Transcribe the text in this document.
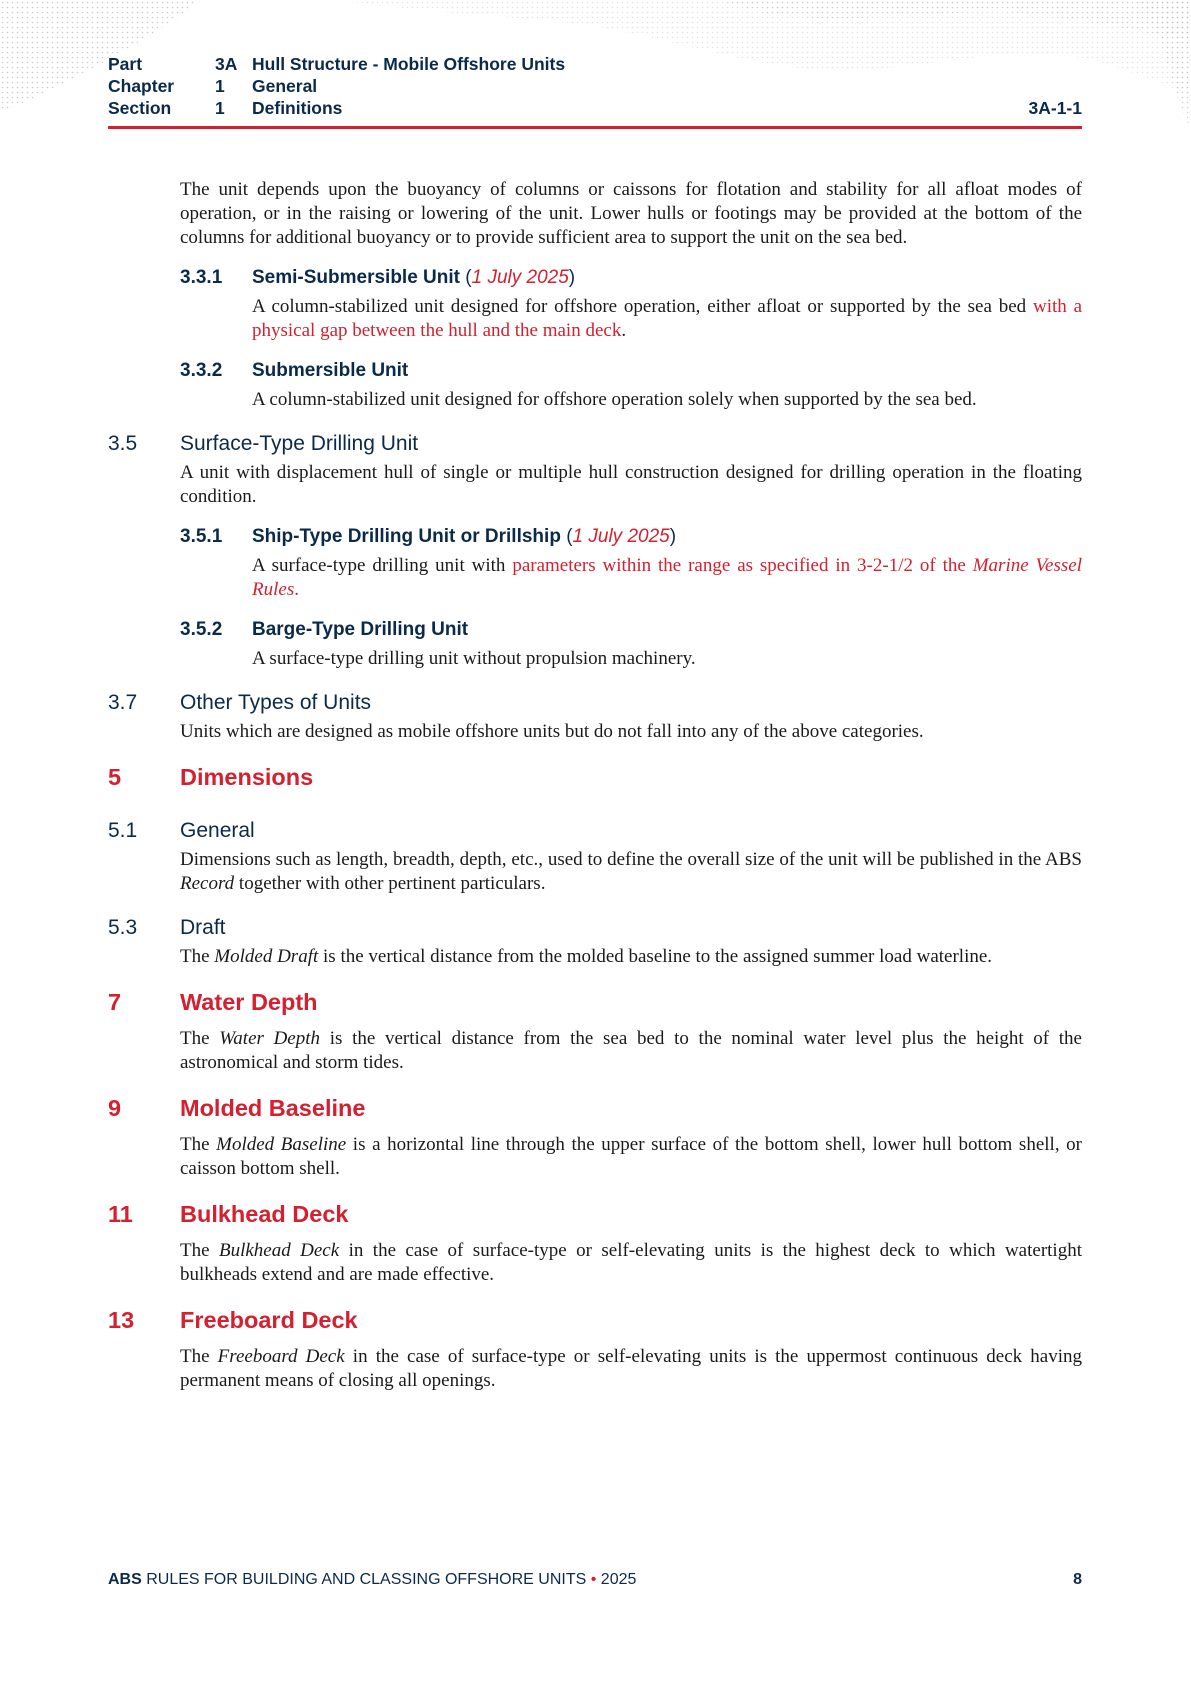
Part	3A Hull Structure - Mobile Offshore Units
Chapter 1 General
Section	1 Definitions	3A-1-1

The unit depends upon the buoyancy of columns or caissons for flotation and stability for all afloat modes of operation, or in the raising or lowering of the unit. Lower hulls or footings may be provided at the bottom of the columns for additional buoyancy or to provide sufficient area to support the unit on the sea bed.

3.3.1 Semi-Submersible Unit (1 July 2025)

A column-stabilized unit designed for offshore operation, either afloat or supported by the sea bed with a physical gap between the hull and the main deck.

3.3.2 Submersible Unit

A column-stabilized unit designed for offshore operation solely when supported by the sea bed.

3.5 Surface-Type Drilling Unit

A unit with displacement hull of single or multiple hull construction designed for drilling operation in the floating condition.

3.5.1 Ship-Type Drilling Unit or Drillship (1 July 2025)

A surface-type drilling unit with parameters within the range as specified in 3-2-1/2 of the Marine Vessel Rules.

3.5.2 Barge-Type Drilling Unit

A surface-type drilling unit without propulsion machinery.

3.7 Other Types of Units

Units which are designed as mobile offshore units but do not fall into any of the above categories.

5	Dimensions
5.1 General

Dimensions such as length, breadth, depth, etc., used to define the overall size of the unit will be published in the ABS Record together with other pertinent particulars.

5.3 Draft

The Molded Draft is the vertical distance from the molded baseline to the assigned summer load waterline.

7	Water Depth

The Water Depth is the vertical distance from the sea bed to the nominal water level plus the height of the astronomical and storm tides.

9	Molded Baseline

The Molded Baseline is a horizontal line through the upper surface of the bottom shell, lower hull bottom shell, or caisson bottom shell.

11 Bulkhead Deck

The Bulkhead Deck in the case of surface-type or self-elevating units is the highest deck to which watertight bulkheads extend and are made effective.

13 Freeboard Deck

The Freeboard Deck in the case of surface-type or self-elevating units is the uppermost continuous deck having permanent means of closing all openings.

ABS RULES FOR BUILDING AND CLASSING OFFSHORE UNITS • 2025	8
